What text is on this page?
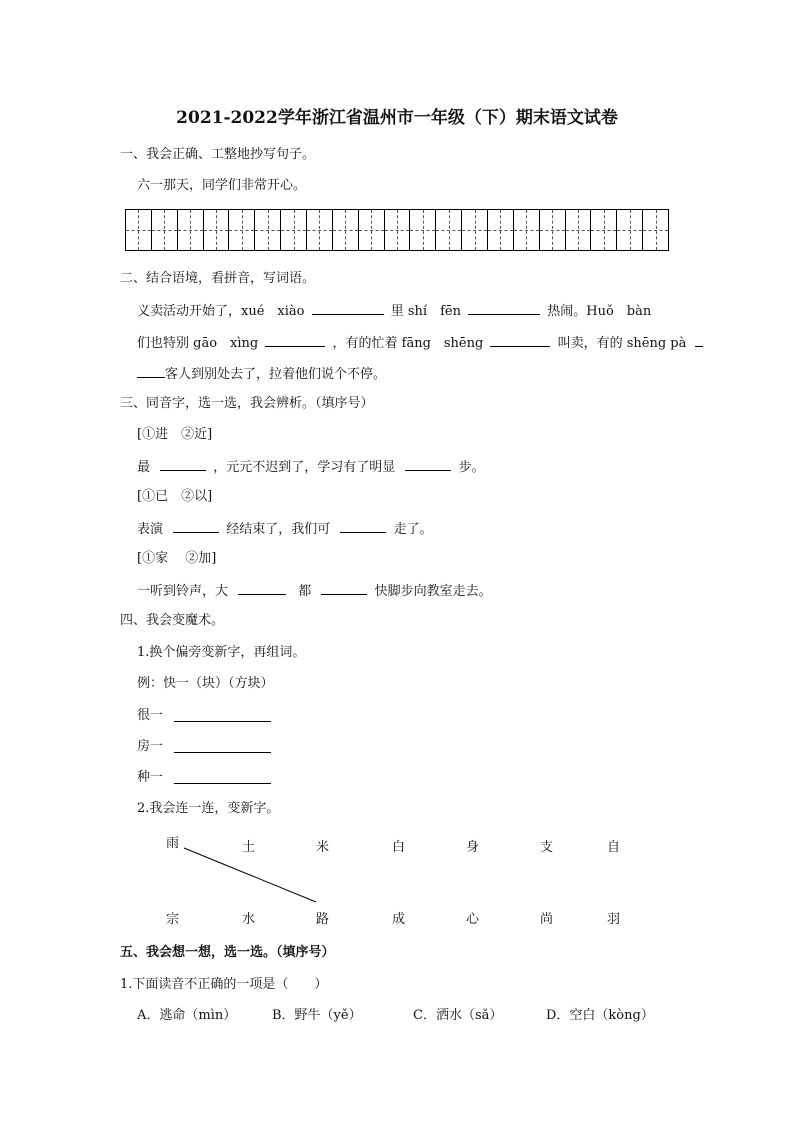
2021-2022学年浙江省温州市一年级（下）期末语文试卷
一、我会正确、工整地抄写句子。
六一那天，同学们非常开心。
二、结合语境，看拼音，写词语。
义卖活动开始了，xué　xiào	里 shí　fēn	热闹。Huǒ　bàn
们也特别 gāo　xìng	，有的忙着 fāng　shēng	叫卖，有的 shēng pà
客人到别处去了，拉着他们说个不停。
三、同音字，选一选，我会辨析。（填序号）
[①进　②近]
最	，元元不迟到了，学习有了明显	步。
[①已　②以]
表演	经结束了，我们可	走了。
[①家　 ②加]
一听到铃声，大	都	快脚步向教室走去。
四、我会变魔术。
1.换个偏旁变新字，再组词。
例：快一（块）（方块）
很一
房一
种一
2.我会连一连，变新字。
雨	土	米	白	身	支	自
宗	水	路	成	心	尚	羽
五、我会想一想，选一选。（填序号）
1.下面读音不正确的一项是（　　）
A．逃命（mìn）	B．野牛（yě）	C．洒水（sǎ）	D．空白（kòng）
